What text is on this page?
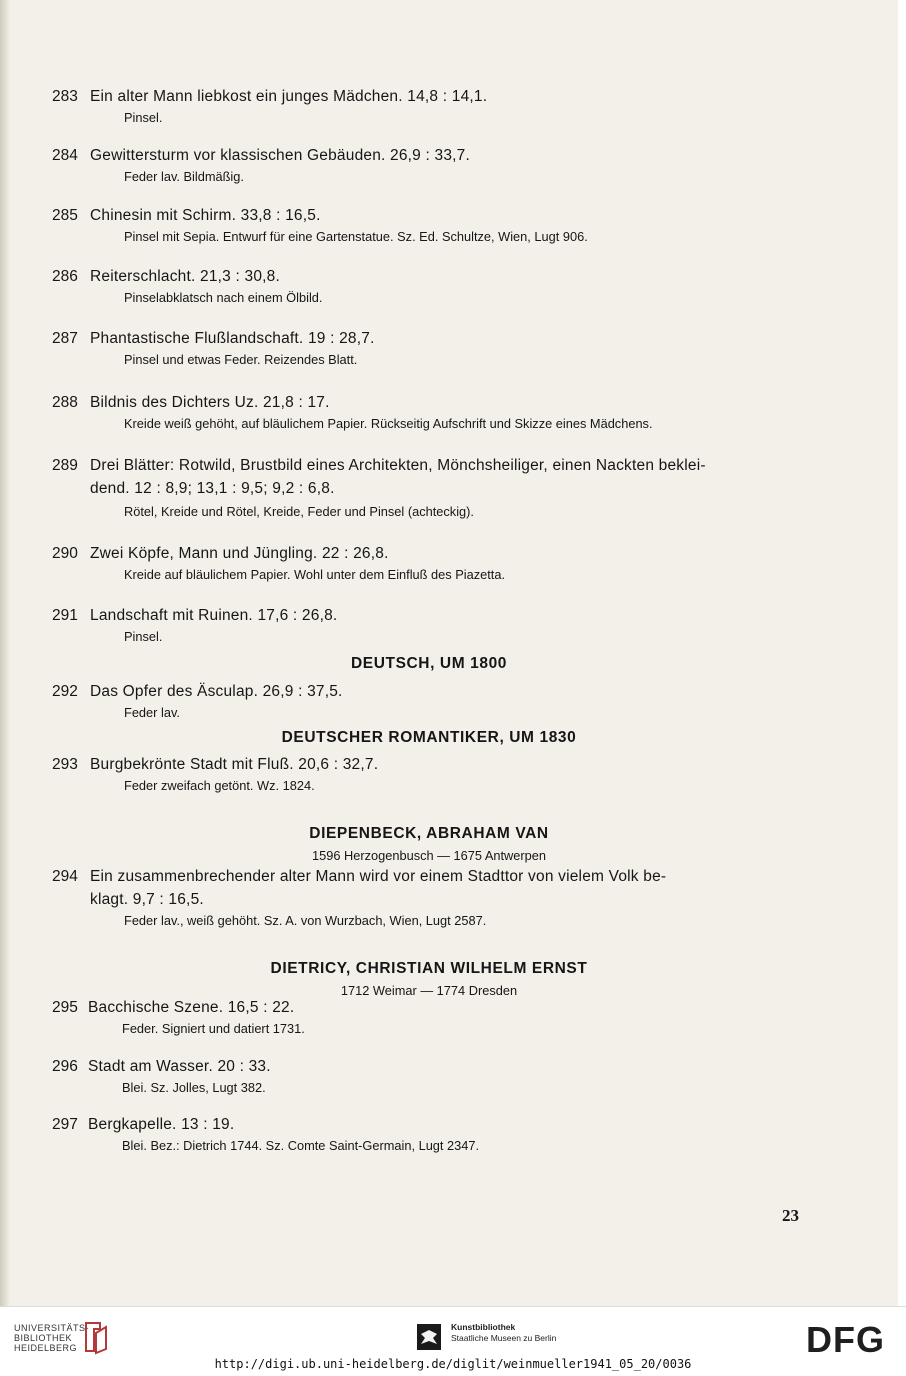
283 Ein alter Mann liebkost ein junges Mädchen. 14,8 : 14,1.
Pinsel.
284 Gewittersturm vor klassischen Gebäuden. 26,9 : 33,7.
Feder lav. Bildmäßig.
285 Chinesin mit Schirm. 33,8 : 16,5.
Pinsel mit Sepia. Entwurf für eine Gartenstatue. Sz. Ed. Schultze, Wien, Lugt 906.
286 Reiterschlacht. 21,3 : 30,8.
Pinselabklatsch nach einem Ölbild.
287 Phantastische Flußlandschaft. 19 : 28,7.
Pinsel und etwas Feder. Reizendes Blatt.
288 Bildnis des Dichters Uz. 21,8 : 17.
Kreide weiß gehöht, auf bläulichem Papier. Rückseitig Aufschrift und Skizze eines Mädchens.
289 Drei Blätter: Rotwild, Brustbild eines Architekten, Mönchsheiliger, einen Nackten beklei-
dend. 12 : 8,9; 13,1 : 9,5; 9,2 : 6,8.
Rötel, Kreide und Rötel, Kreide, Feder und Pinsel (achteckig).
290 Zwei Köpfe, Mann und Jüngling. 22 : 26,8.
Kreide auf bläulichem Papier. Wohl unter dem Einfluß des Piazetta.
291 Landschaft mit Ruinen. 17,6 : 26,8.
Pinsel.
DEUTSCH, UM 1800
292 Das Opfer des Äsculap. 26,9 : 37,5.
Feder lav.
DEUTSCHER ROMANTIKER, UM 1830
293 Burgbekrönte Stadt mit Fluß. 20,6 : 32,7.
Feder zweifach getönt. Wz. 1824.
DIEPENBECK, ABRAHAM VAN
1596 Herzogenbusch — 1675 Antwerpen
294 Ein zusammenbrechender alter Mann wird vor einem Stadttor von vielem Volk be-
klagt. 9,7 : 16,5.
Feder lav., weiß gehöht. Sz. A. von Wurzbach, Wien, Lugt 2587.
DIETRICY, CHRISTIAN WILHELM ERNST
1712 Weimar — 1774 Dresden
295 Bacchische Szene. 16,5 : 22.
Feder. Signiert und datiert 1731.
296 Stadt am Wasser. 20 : 33.
Blei. Sz. Jolles, Lugt 382.
297 Bergkapelle. 13 : 19.
Blei. Bez.: Dietrich 1744. Sz. Comte Saint-Germain, Lugt 2347.
23
UNIVERSITÄTS-
BIBLIOTHEK
HEIDELBERG
Kunstbibliothek
Staatliche Museen zu Berlin	DFG
http://digi.ub.uni-heidelberg.de/diglit/weinmueller1941_05_20/0036
